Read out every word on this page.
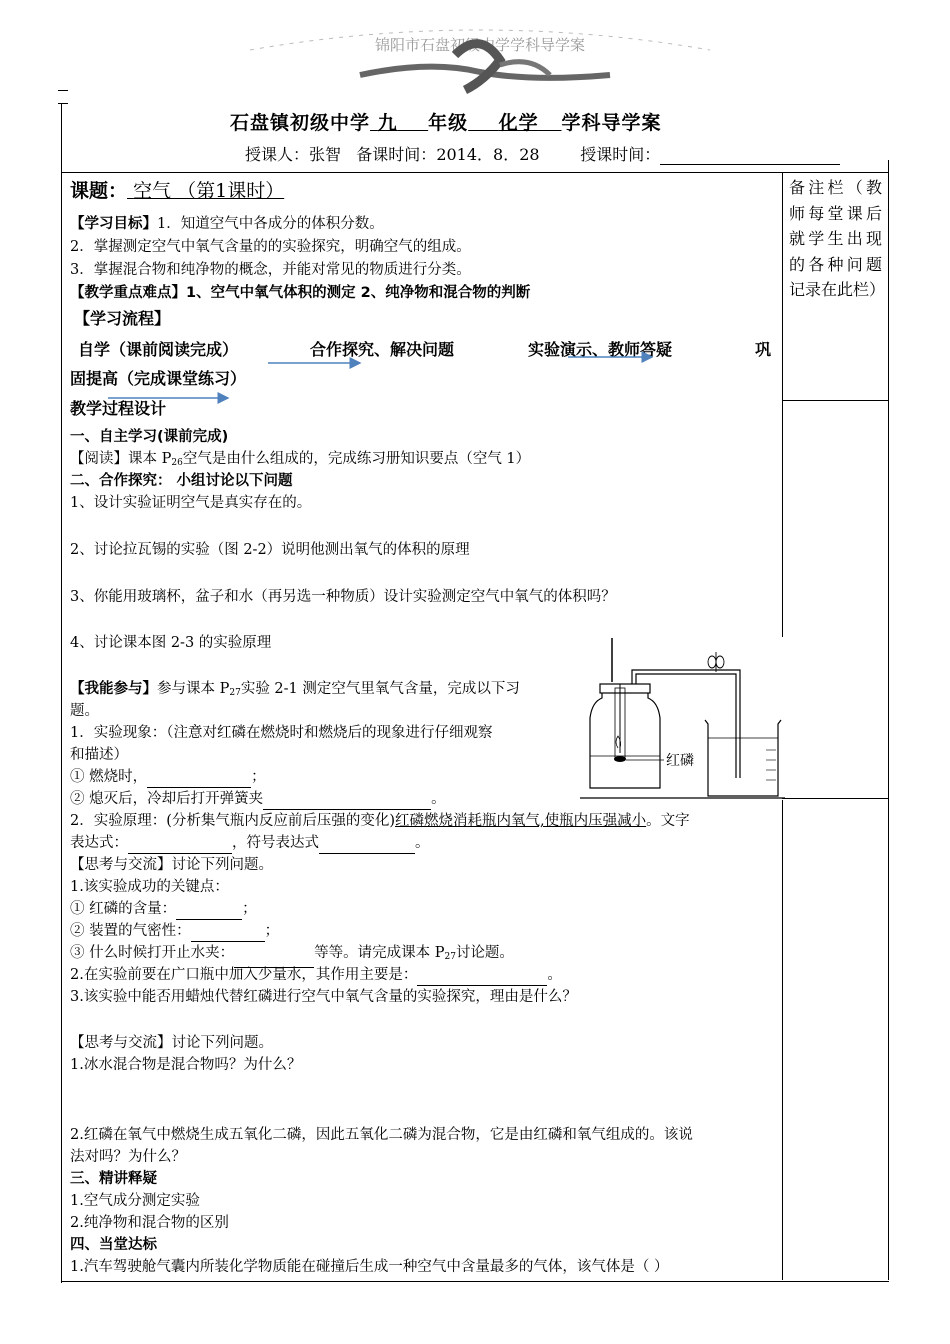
锦阳市石盘初级中学学科导学案
石盘镇初级中学 九 年级 化学 学科导学案
授课人：张智 备课时间：2014．8．28	授课时间：
备注栏（教师每堂课后就学生出现的各种问题记录在此栏）
课题： 空气 （第1课时）
【学习目标】1．知道空气中各成分的体积分数。
2．掌握测定空气中氧气含量的的实验探究，明确空气的组成。
3．掌握混合物和纯净物的概念，并能对常见的物质进行分类。
【教学重点难点】1、空气中氧气体积的测定 2、纯净物和混合物的判断
【学习流程】
自学（课前阅读完成）	合作探究、解决问题	实验演示、教师答疑	巩
固提高（完成课堂练习）
教学过程设计
一、自主学习(课前完成)
【阅读】课本 $P_{26}$空气是由什么组成的，完成练习册知识要点（空气 1）
二、合作探究： 小组讨论以下问题
1、设计实验证明空气是真实存在的。
2、讨论拉瓦锡的实验（图 2-2）说明他测出氧气的体积的原理
3、你能用玻璃杯，盆子和水（再另选一种物质）设计实验测定空气中氧气的体积吗？
4、讨论课本图 2-3 的实验原理
红磷
【我能参与】参与课本 $P_{27}$实验 2-1 测定空气里氧气含量，完成以下习
题。
1．实验现象：（注意对红磷在燃烧时和燃烧后的现象进行仔细观察
和描述）
① 燃烧时，	；
② 熄灭后，冷却后打开弹簧夹	。
2．实验原理：(分析集气瓶内反应前后压强的变化)红磷燃烧消耗瓶内氧气,使瓶内压强减小。文字
表达式：	，符号表达式	。
【思考与交流】讨论下列问题。
1.该实验成功的关键点：
① 红磷的含量：	；
② 装置的气密性：	；
③ 什么时候打开止水夹：	等等。请完成课本 $P_{27}$讨论题。
2.在实验前要在广口瓶中加入少量水，其作用主要是：	。
3.该实验中能否用蜡烛代替红磷进行空气中氧气含量的实验探究，理由是什么？
【思考与交流】讨论下列问题。
1.冰水混合物是混合物吗？为什么？
2.红磷在氧气中燃烧生成五氧化二磷，因此五氧化二磷为混合物，它是由红磷和氧气组成的。该说
法对吗？为什么？
三、精讲释疑
1.空气成分测定实验
2.纯净物和混合物的区别
四、当堂达标
1.汽车驾驶舱气囊内所装化学物质能在碰撞后生成一种空气中含量最多的气体，该气体是（ ）
